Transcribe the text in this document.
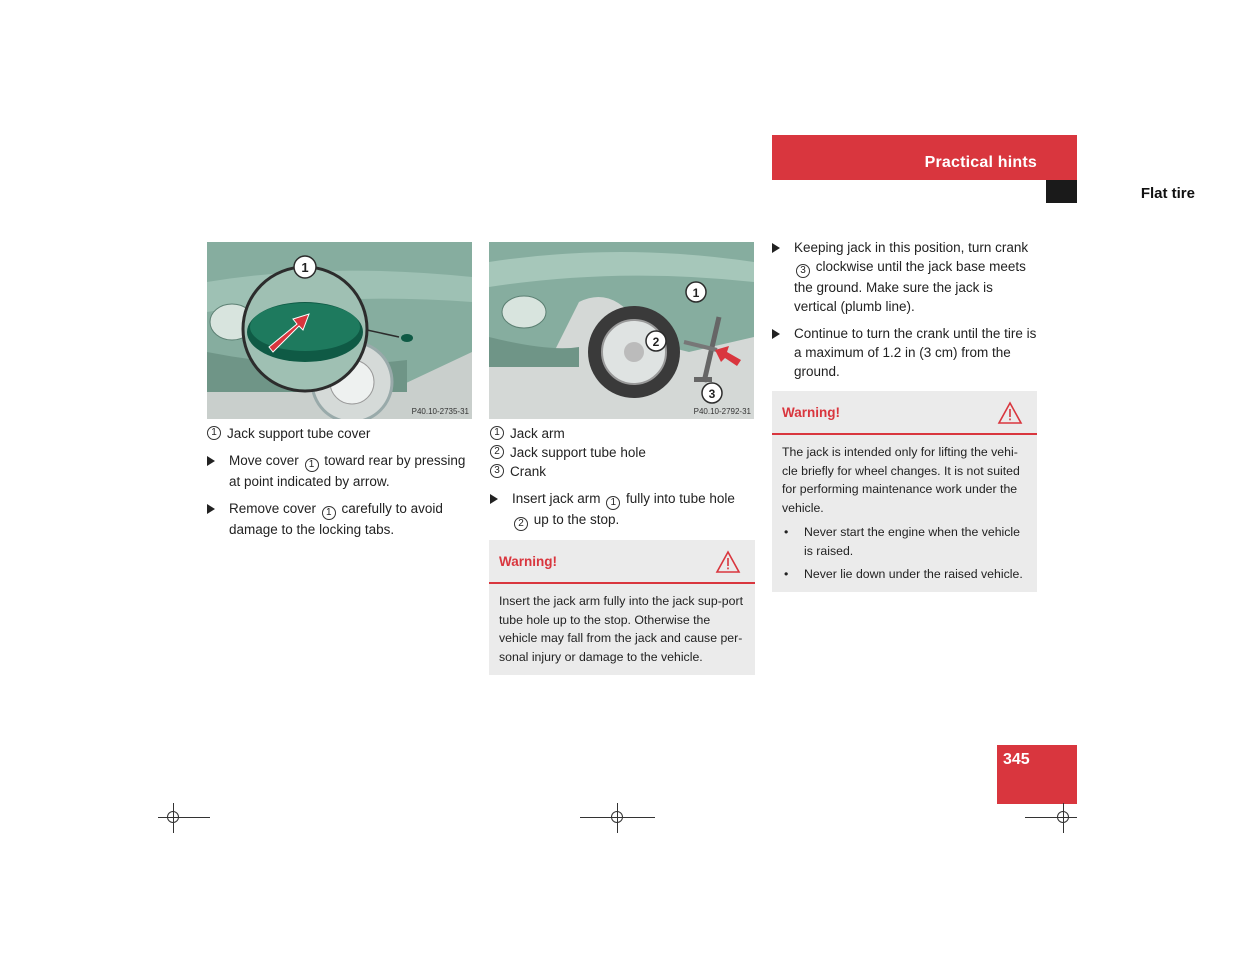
Practical hints
Flat tire
1
P40.10-2735-31
1
2
3
P40.10-2792-31
1 Jack support tube cover
Move cover 1 toward rear by pressing at point indicated by arrow.
Remove cover 1 carefully to avoid damage to the locking tabs.
1 Jack arm
2 Jack support tube hole
3 Crank
Insert jack arm 1 fully into tube hole 2 up to the stop.
Warning!
Insert the jack arm fully into the jack sup-port tube hole up to the stop. Otherwise the vehicle may fall from the jack and cause per-sonal injury or damage to the vehicle.
Keeping jack in this position, turn crank 3 clockwise until the jack base meets the ground. Make sure the jack is vertical (plumb line).
Continue to turn the crank until the tire is a maximum of 1.2 in (3 cm) from the ground.
Warning!
The jack is intended only for lifting the vehi-cle briefly for wheel changes. It is not suited for performing maintenance work under the vehicle.
•	Never start the engine when the vehicle is raised.
•	Never lie down under the raised vehicle.
345
